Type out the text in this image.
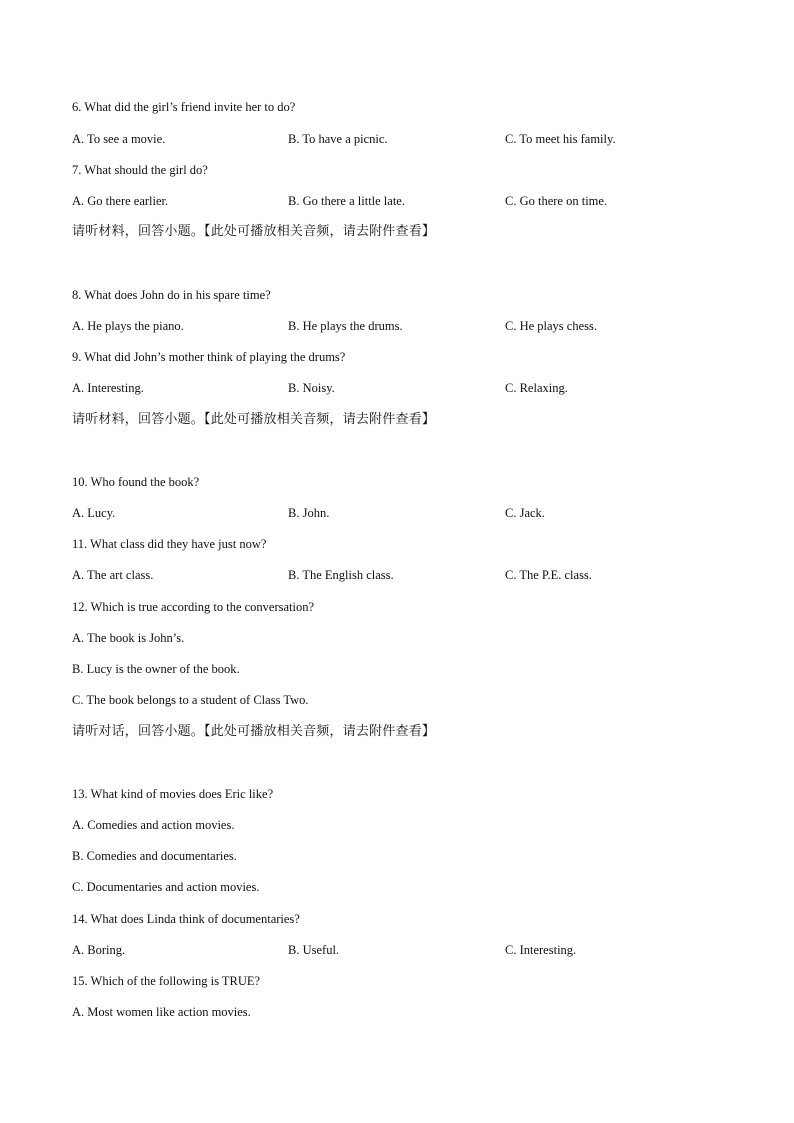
6. What did the girl’s friend invite her to do?
A. To see a movie.	B. To have a picnic.	C. To meet his family.
7. What should the girl do?
A. Go there earlier.	B. Go there a little late.	C. Go there on time.
请听材料，回答小题。【此处可播放相关音频，请去附件查看】
8. What does John do in his spare time?
A. He plays the piano.	B. He plays the drums.	C. He plays chess.
9. What did John’s mother think of playing the drums?
A. Interesting.	B. Noisy.	C. Relaxing.
请听材料，回答小题。【此处可播放相关音频，请去附件查看】
10. Who found the book?
A. Lucy.	B. John.	C. Jack.
11. What class did they have just now?
A. The art class.	B. The English class.	C. The P.E. class.
12. Which is true according to the conversation?
A. The book is John’s.
B. Lucy is the owner of the book.
C. The book belongs to a student of Class Two.
请听对话，回答小题。【此处可播放相关音频，请去附件查看】
13. What kind of movies does Eric like?
A. Comedies and action movies.
B. Comedies and documentaries.
C. Documentaries and action movies.
14. What does Linda think of documentaries?
A. Boring.	B. Useful.	C. Interesting.
15. Which of the following is TRUE?
A. Most women like action movies.
